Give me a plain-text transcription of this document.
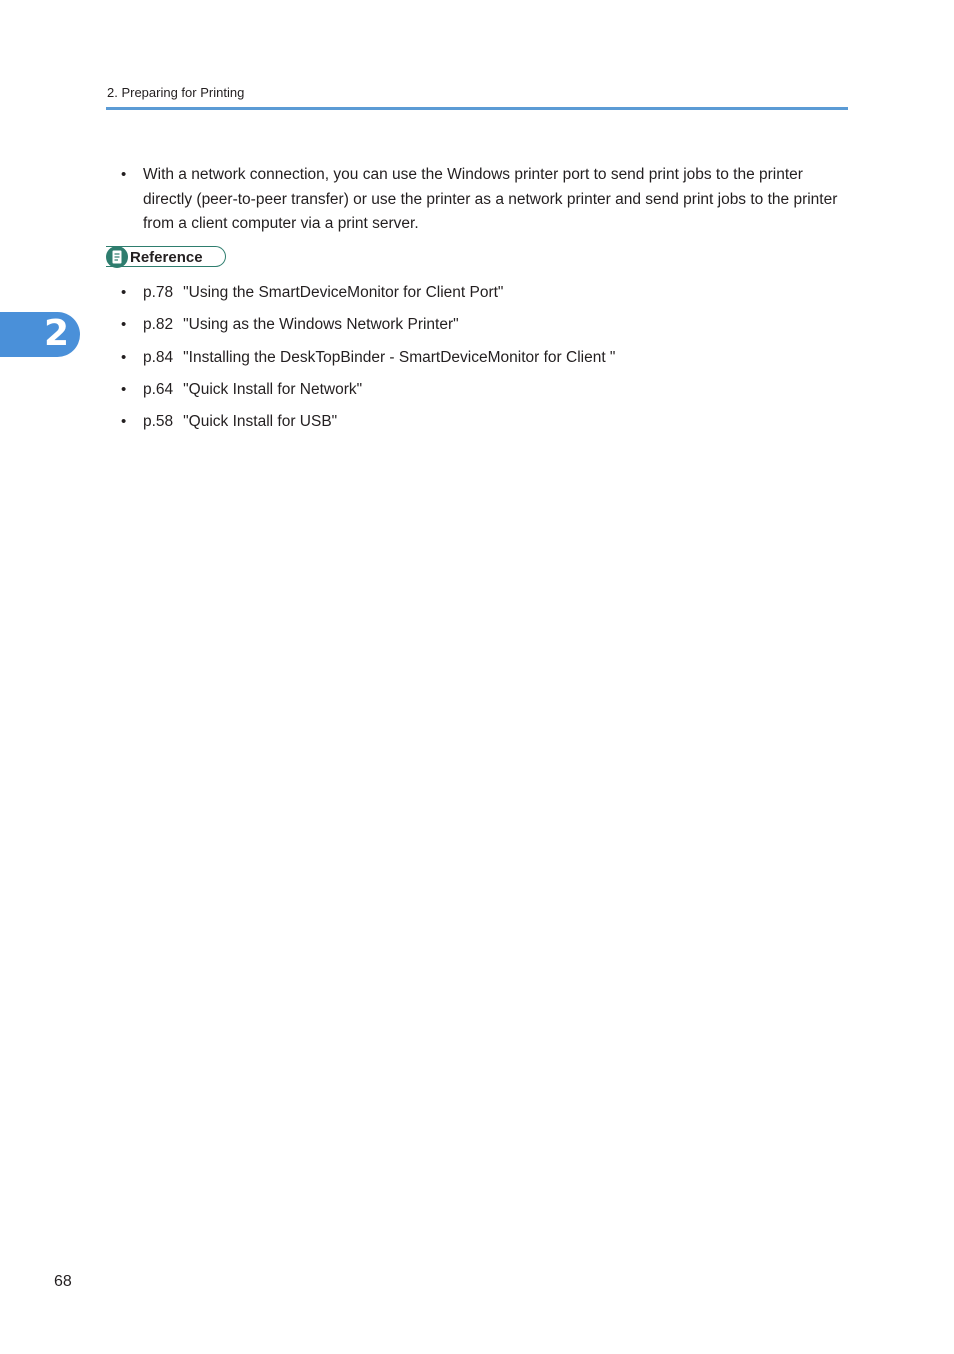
2. Preparing for Printing
2
• With a network connection, you can use the Windows printer port to send print jobs to the printer directly (peer-to-peer transfer) or use the printer as a network printer and send print jobs to the printer from a client computer via a print server.
Reference
• p.78 "Using the SmartDeviceMonitor for Client Port"
• p.82 "Using as the Windows Network Printer"
• p.84 "Installing the DeskTopBinder - SmartDeviceMonitor for Client "
• p.64 "Quick Install for Network"
• p.58 "Quick Install for USB"
68
